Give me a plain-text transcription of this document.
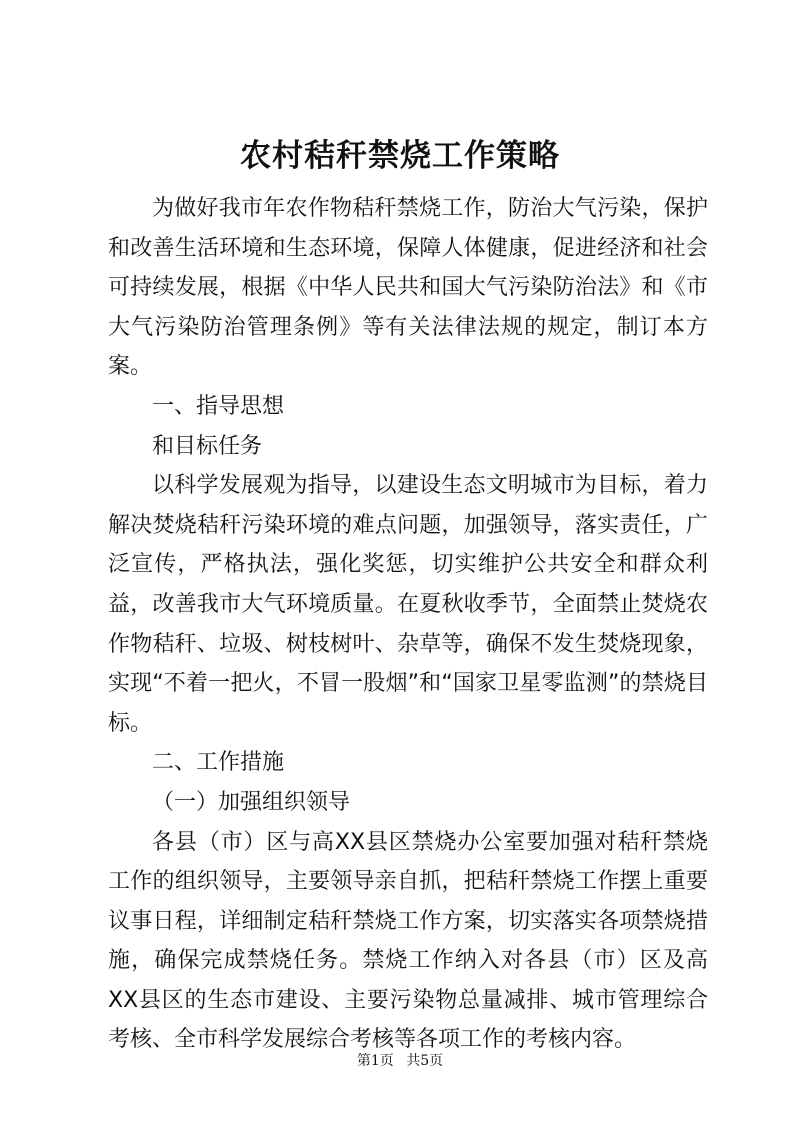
农村秸秆禁烧工作策略

为做好我市年农作物秸秆禁烧工作，防治大气污染，保护和改善生活环境和生态环境，保障人体健康，促进经济和社会可持续发展，根据《中华人民共和国大气污染防治法》和《市大气污染防治管理条例》等有关法律法规的规定，制订本方案。

一、指导思想

和目标任务

以科学发展观为指导，以建设生态文明城市为目标，着力解决焚烧秸秆污染环境的难点问题，加强领导，落实责任，广泛宣传，严格执法，强化奖惩，切实维护公共安全和群众利益，改善我市大气环境质量。在夏秋收季节，全面禁止焚烧农作物秸秆、垃圾、树枝树叶、杂草等，确保不发生焚烧现象，实现“不着一把火，不冒一股烟”和“国家卫星零监测”的禁烧目标。

二、工作措施

（一）加强组织领导

各县（市）区与高XX县区禁烧办公室要加强对秸秆禁烧工作的组织领导，主要领导亲自抓，把秸秆禁烧工作摆上重要议事日程，详细制定秸秆禁烧工作方案，切实落实各项禁烧措施，确保完成禁烧任务。禁烧工作纳入对各县（市）区及高XX县区的生态市建设、主要污染物总量减排、城市管理综合考核、全市科学发展综合考核等各项工作的考核内容。

第1页 共5页
